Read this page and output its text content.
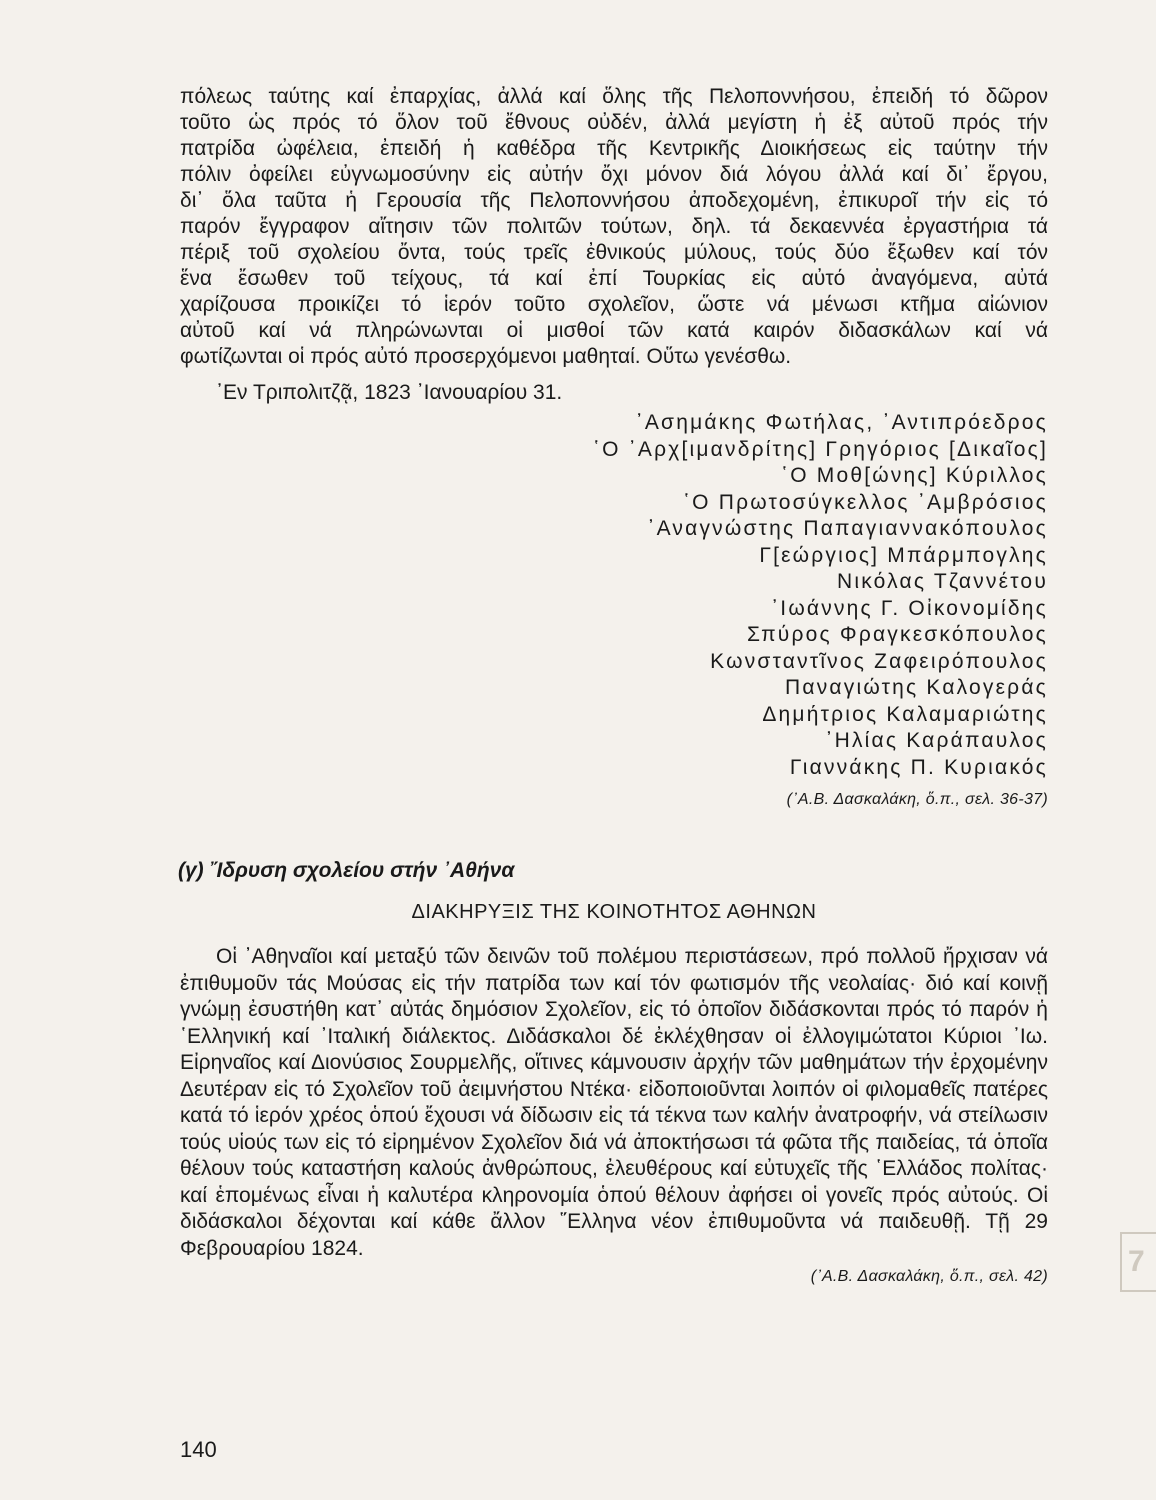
πόλεως ταύτης καί ἐπαρχίας, ἀλλά καί ὅλης τῆς Πελοποννήσου, ἐπειδή τό δῶρον
τοῦτο ὡς πρός τό ὅλον τοῦ ἔθνους οὐδέν, ἀλλά μεγίστη ἡ ἐξ αὐτοῦ πρός τήν
πατρίδα ὠφέλεια, ἐπειδή ἡ καθέδρα τῆς Κεντρικῆς Διοικήσεως εἰς ταύτην τήν
πόλιν ὀφείλει εὐγνωμοσύνην εἰς αὐτήν ὄχι μόνον διά λόγου ἀλλά καί δι᾿ ἔργου,
δι᾿ ὅλα ταῦτα ἡ Γερουσία τῆς Πελοποννήσου ἀποδεχομένη, ἐπικυροῖ τήν εἰς τό
παρόν ἔγγραφον αἴτησιν τῶν πολιτῶν τούτων, δηλ. τά δεκαεννέα ἐργαστήρια τά
πέριξ τοῦ σχολείου ὄντα, τούς τρεῖς ἐθνικούς μύλους, τούς δύο ἔξωθεν καί τόν
ἕνα ἔσωθεν τοῦ τείχους, τά καί ἐπί Τουρκίας εἰς αὐτό ἀναγόμενα, αὐτά
χαρίζουσα προικίζει τό ἱερόν τοῦτο σχολεῖον, ὥστε νά μένωσι κτῆμα αἰώνιον
αὐτοῦ καί νά πληρώνωνται οἱ μισθοί τῶν κατά καιρόν διδασκάλων καί νά
φωτίζωνται οἱ πρός αὐτό προσερχόμενοι μαθηταί. Οὕτω γενέσθω.
᾿Εν Τριπολιτζᾷ, 1823 ᾿Ιανουαρίου 31.
᾿Ασημάκης Φωτήλας, ᾿Αντιπρόεδρος
῾Ο ᾿Αρχ[ιμανδρίτης] Γρηγόριος [Δικαῖος]
῾Ο Μοθ[ώνης] Κύριλλος
῾Ο Πρωτοσύγκελλος ᾿Αμβρόσιος
᾿Αναγνώστης Παπαγιαννακόπουλος
Γ[εώργιος] Μπάρμπογλης
Νικόλας Τζαννέτου
᾿Ιωάννης Γ. Οἰκονομίδης
Σπύρος Φραγκεσκόπουλος
Κωνσταντῖνος Ζαφειρόπουλος
Παναγιώτης Καλογεράς
Δημήτριος Καλαμαριώτης
᾿Ηλίας Καράπαυλος
Γιαννάκης Π. Κυριακός
(᾿Α.Β. Δασκαλάκη, ὅ.π., σελ. 36-37)
(γ) ῎Ιδρυση σχολείου στήν ᾿Αθήνα
ΔΙΑΚΗΡΥΞΙΣ ΤΗΣ ΚΟΙΝΟΤΗΤΟΣ ΑΘΗΝΩΝ
Οἱ ᾿Αθηναῖοι καί μεταξύ τῶν δεινῶν τοῦ πολέμου περιστάσεων, πρό πολλοῦ ἤρχισαν νά ἐπιθυμοῦν τάς Μούσας εἰς τήν πατρίδα των καί τόν φωτισμόν τῆς νεολαίας· διό καί κοινῇ γνώμῃ ἐσυστήθη κατ᾿ αὐτάς δημόσιον Σχολεῖον, εἰς τό ὁποῖον διδάσκονται πρός τό παρόν ἡ ῾Ελληνική καί ᾿Ιταλική διάλεκτος. Διδάσκαλοι δέ ἐκλέχθησαν οἱ ἐλλογιμώτατοι Κύριοι ᾿Ιω. Εἰρηναῖος καί Διονύσιος Σουρμελῆς, οἵτινες κάμνουσιν ἀρχήν τῶν μαθημάτων τήν ἐρχομένην Δευτέραν εἰς τό Σχολεῖον τοῦ ἀειμνήστου Ντέκα· εἰδοποιοῦνται λοιπόν οἱ φιλομαθεῖς πατέρες κατά τό ἱερόν χρέος ὁπού ἔχουσι νά δίδωσιν εἰς τά τέκνα των καλήν ἀνατροφήν, νά στείλωσιν τούς υἱούς των εἰς τό εἰρημένον Σχολεῖον διά νά ἀποκτήσωσι τά φῶτα τῆς παιδείας, τά ὁποῖα θέλουν τούς καταστήση καλούς ἀνθρώπους, ἐλευθέρους καί εὐτυχεῖς τῆς ῾Ελλάδος πολίτας· καί ἑπομένως εἶναι ἡ καλυτέρα κληρονομία ὁπού θέλουν ἀφήσει οἱ γονεῖς πρός αὐτούς. Οἱ διδάσκαλοι δέχονται καί κάθε ἄλλον ῞Ελληνα νέον ἐπιθυμοῦντα νά παιδευθῇ. Τῇ 29 Φεβρουαρίου 1824.
(᾿Α.Β. Δασκαλάκη, ὅ.π., σελ. 42)
140
7
